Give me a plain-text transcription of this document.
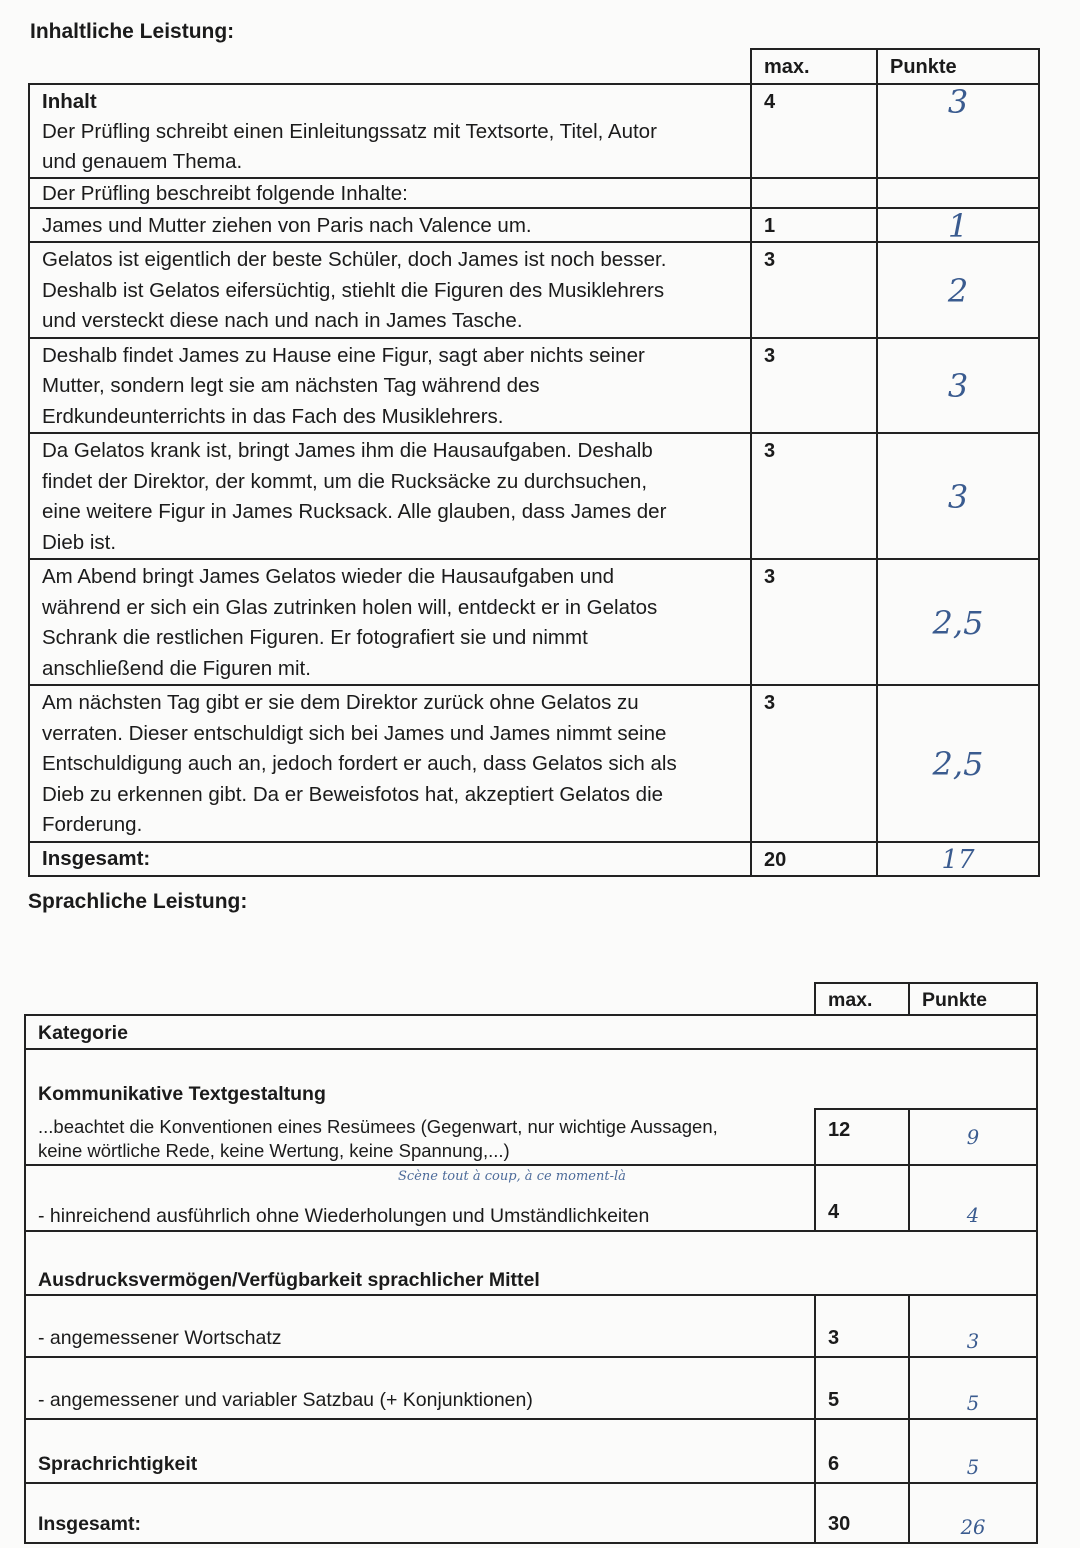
Inhaltliche Leistung:
	max.	Punkte

Inhalt
Der Prüfling schreibt einen Einleitungssatz mit Textsorte, Titel, Autor
und genauem Thema.	4	3

Der Prüfling beschreibt folgende Inhalte:		

James und Mutter ziehen von Paris nach Valence um.	1	1

Gelatos ist eigentlich der beste Schüler, doch James ist noch besser.
Deshalb ist Gelatos eifersüchtig, stiehlt die Figuren des Musiklehrers
und versteckt diese nach und nach in James Tasche.	3	2

Deshalb findet James zu Hause eine Figur, sagt aber nichts seiner
Mutter, sondern legt sie am nächsten Tag während des
Erdkundeunterrichts in das Fach des Musiklehrers.	3	3

Da Gelatos krank ist, bringt James ihm die Hausaufgaben. Deshalb
findet der Direktor, der kommt, um die Rucksäcke zu durchsuchen,
eine weitere Figur in James Rucksack. Alle glauben, dass James der
Dieb ist.	3	3

Am Abend bringt James Gelatos wieder die Hausaufgaben und
während er sich ein Glas zutrinken holen will, entdeckt er in Gelatos
Schrank die restlichen Figuren. Er fotografiert sie und nimmt
anschließend die Figuren mit.	3	2,5

Am nächsten Tag gibt er sie dem Direktor zurück ohne Gelatos zu
verraten. Dieser entschuldigt sich bei James und James nimmt seine
Entschuldigung auch an, jedoch fordert er auch, dass Gelatos sich als
Dieb zu erkennen gibt. Da er Beweisfotos hat, akzeptiert Gelatos die
Forderung.	3	2,5

Insgesamt:	20	17
Sprachliche Leistung:
	max.	Punkte
Kategorie		
Kommunikative Textgestaltung		

...beachtet die Konventionen eines Resümees (Gegenwart, nur wichtige Aussagen,
keine wörtliche Rede, keine Wertung, keine Spannung,...)	12	9

Scène tout à coup, à ce moment-là
- hinreichend ausführlich ohne Wiederholungen und Umständlichkeiten	4	4
Ausdrucksvermögen/Verfügbarkeit sprachlicher Mittel		
- angemessener Wortschatz	3	3
- angemessener und variabler Satzbau (+ Konjunktionen)	5	5
Sprachrichtigkeit	6	5
Insgesamt:	30	26
